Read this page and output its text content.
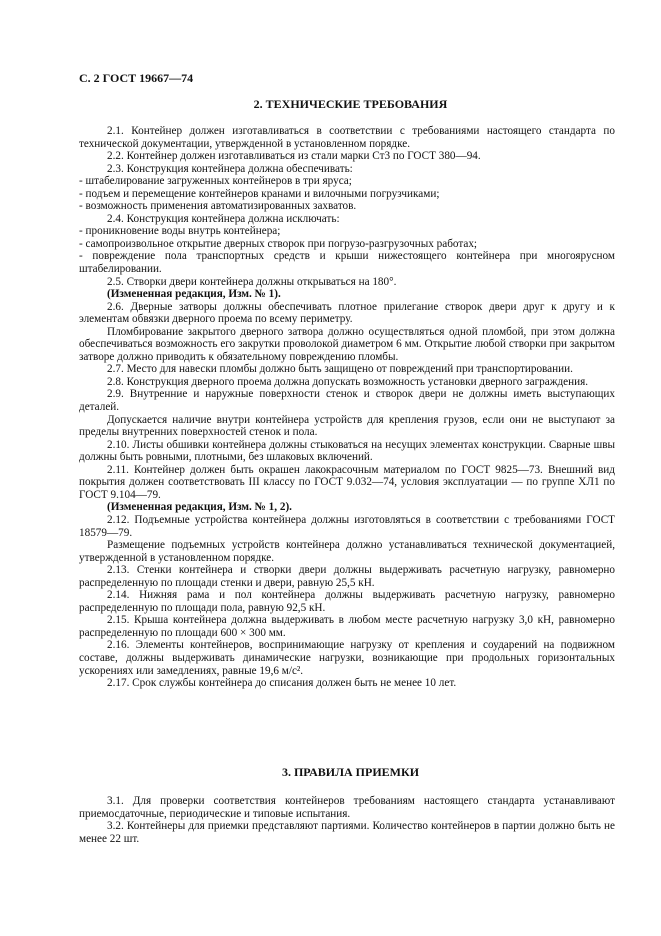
С. 2 ГОСТ 19667—74
2. ТЕХНИЧЕСКИЕ ТРЕБОВАНИЯ

2.1. Контейнер должен изготавливаться в соответствии с требованиями настоящего стандарта по технической документации, утвержденной в установленном порядке.

2.2. Контейнер должен изготавливаться из стали марки Ст3 по ГОСТ 380—94.

2.3. Конструкция контейнера должна обеспечивать:

- штабелирование загруженных контейнеров в три яруса;

- подъем и перемещение контейнеров кранами и вилочными погрузчиками;

- возможность применения автоматизированных захватов.

2.4. Конструкция контейнера должна исключать:

- проникновение воды внутрь контейнера;

- самопроизвольное открытие дверных створок при погрузо-разгрузочных работах;

- повреждение пола транспортных средств и крыши нижестоящего контейнера при многоярусном штабелировании.

2.5. Створки двери контейнера должны открываться на 180°.

(Измененная редакция, Изм. № 1).

2.6. Дверные затворы должны обеспечивать плотное прилегание створок двери друг к другу и к элементам обвязки дверного проема по всему периметру.

Пломбирование закрытого дверного затвора должно осуществляться одной пломбой, при этом должна обеспечиваться возможность его закрутки проволокой диаметром 6 мм. Открытие любой створки при закрытом затворе должно приводить к обязательному повреждению пломбы.

2.7. Место для навески пломбы должно быть защищено от повреждений при транспортировании.

2.8. Конструкция дверного проема должна допускать возможность установки дверного заграждения.

2.9. Внутренние и наружные поверхности стенок и створок двери не должны иметь выступающих деталей.

Допускается наличие внутри контейнера устройств для крепления грузов, если они не выступают за пределы внутренних поверхностей стенок и пола.

2.10. Листы обшивки контейнера должны стыковаться на несущих элементах конструкции. Сварные швы должны быть ровными, плотными, без шлаковых включений.

2.11. Контейнер должен быть окрашен лакокрасочным материалом по ГОСТ 9825—73. Внешний вид покрытия должен соответствовать III классу по ГОСТ 9.032—74, условия эксплуатации — по группе ХЛ1 по ГОСТ 9.104—79.

(Измененная редакция, Изм. № 1, 2).

2.12. Подъемные устройства контейнера должны изготовляться в соответствии с требованиями ГОСТ 18579—79.

Размещение подъемных устройств контейнера должно устанавливаться технической документацией, утвержденной в установленном порядке.

2.13. Стенки контейнера и створки двери должны выдерживать расчетную нагрузку, равномерно распределенную по площади стенки и двери, равную 25,5 кН.

2.14. Нижняя рама и пол контейнера должны выдерживать расчетную нагрузку, равномерно распределенную по площади пола, равную 92,5 кН.

2.15. Крыша контейнера должна выдерживать в любом месте расчетную нагрузку 3,0 кН, равномерно распределенную по площади 600 × 300 мм.

2.16. Элементы контейнеров, воспринимающие нагрузку от крепления и соударений на подвижном составе, должны выдерживать динамические нагрузки, возникающие при продольных горизонтальных ускорениях или замедлениях, равные 19,6 м/с².

2.17. Срок службы контейнера до списания должен быть не менее 10 лет.

3. ПРАВИЛА ПРИЕМКИ

3.1. Для проверки соответствия контейнеров требованиям настоящего стандарта устанавливают приемосдаточные, периодические и типовые испытания.

3.2. Контейнеры для приемки представляют партиями. Количество контейнеров в партии должно быть не менее 22 шт.
